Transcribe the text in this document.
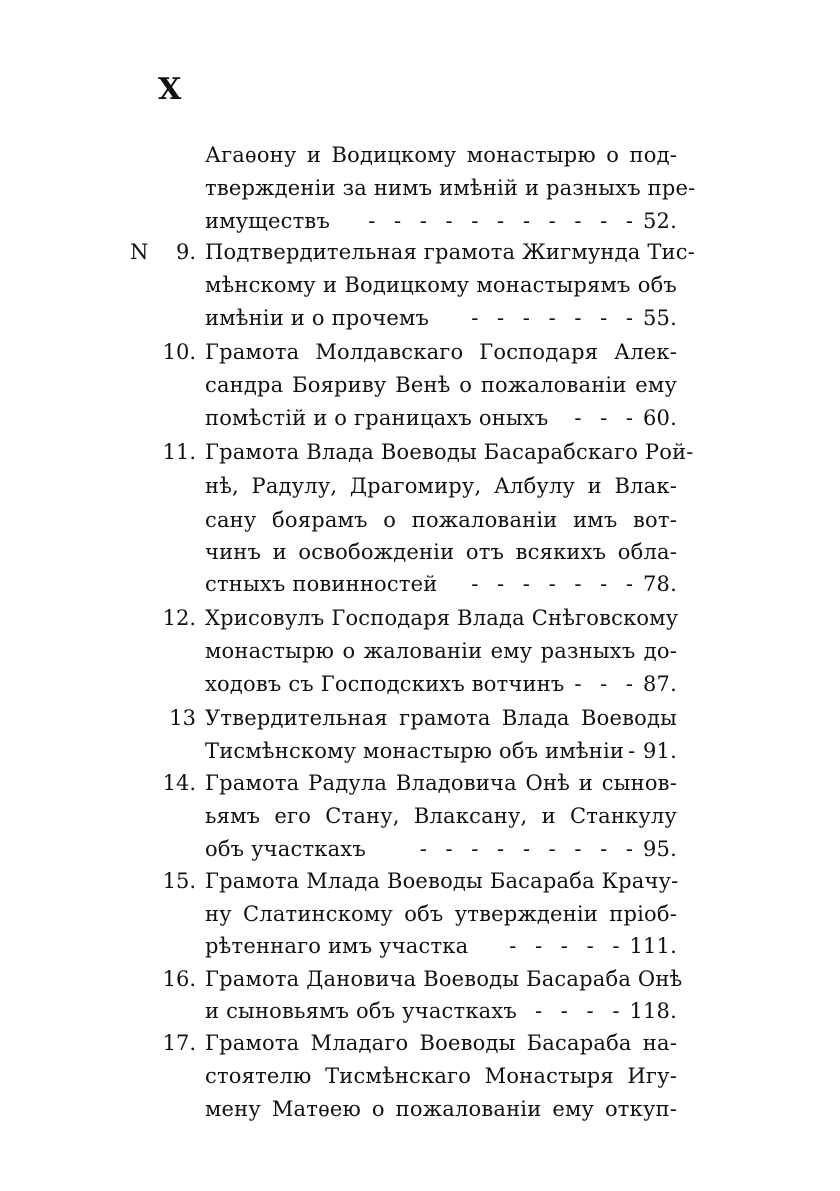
X
N
Агаѳону и Водицкому монастырю о под-
твержденіи за нимъ имѣній и разныхъ пре-
имуществъ	- - - - - - - - - - - 52.
9. Подтвердительная грамота Жигмунда Тис-
мѣнскому и Водицкому монастырямъ объ
имѣніи и о прочемъ	- - - - - - - 55.
10. Грамота Молдавскаго Господаря Алек-
сандра Бояриву Венѣ о пожалованіи ему
помѣстій и о границахъ оныхъ	- - - 60.
11. Грамота Влада Воеводы Басарабскаго Рой-
нѣ, Радулу, Драгомиру, Албулу и Влак-
сану боярамъ о пожалованіи имъ вот-
чинъ и освобожденіи отъ всякихъ обла-
стныхъ повинностей	- - - - - - - 78.
12. Хрисовулъ Господаря Влада Снѣговскому
монастырю о жалованіи ему разныхъ до-
ходовъ съ Господскихъ вотчинъ - - - 87.
13 Утвердительная грамота Влада Воеводы
Тисмѣнскому монастырю объ имѣніи - 91.
14. Грамота Радула Владовича Онѣ и сынов-
ьямъ его Стану, Влаксану, и Станкулу
объ участкахъ	- - - - - - - - - 95.
15. Грамота Млада Воеводы Басараба Крачу-
ну Слатинскому объ утвержденіи пріоб-
рѣтеннаго имъ участка	- - - - - 111.
16. Грамота Дановича Воеводы Басараба Онѣ
и сыновьямъ объ участкахъ - - - - 118.
17. Грамота Младаго Воеводы Басараба на-
стоятелю Тисмѣнскаго Монастыря Игу-
мену Матѳею о пожалованіи ему откуп-
